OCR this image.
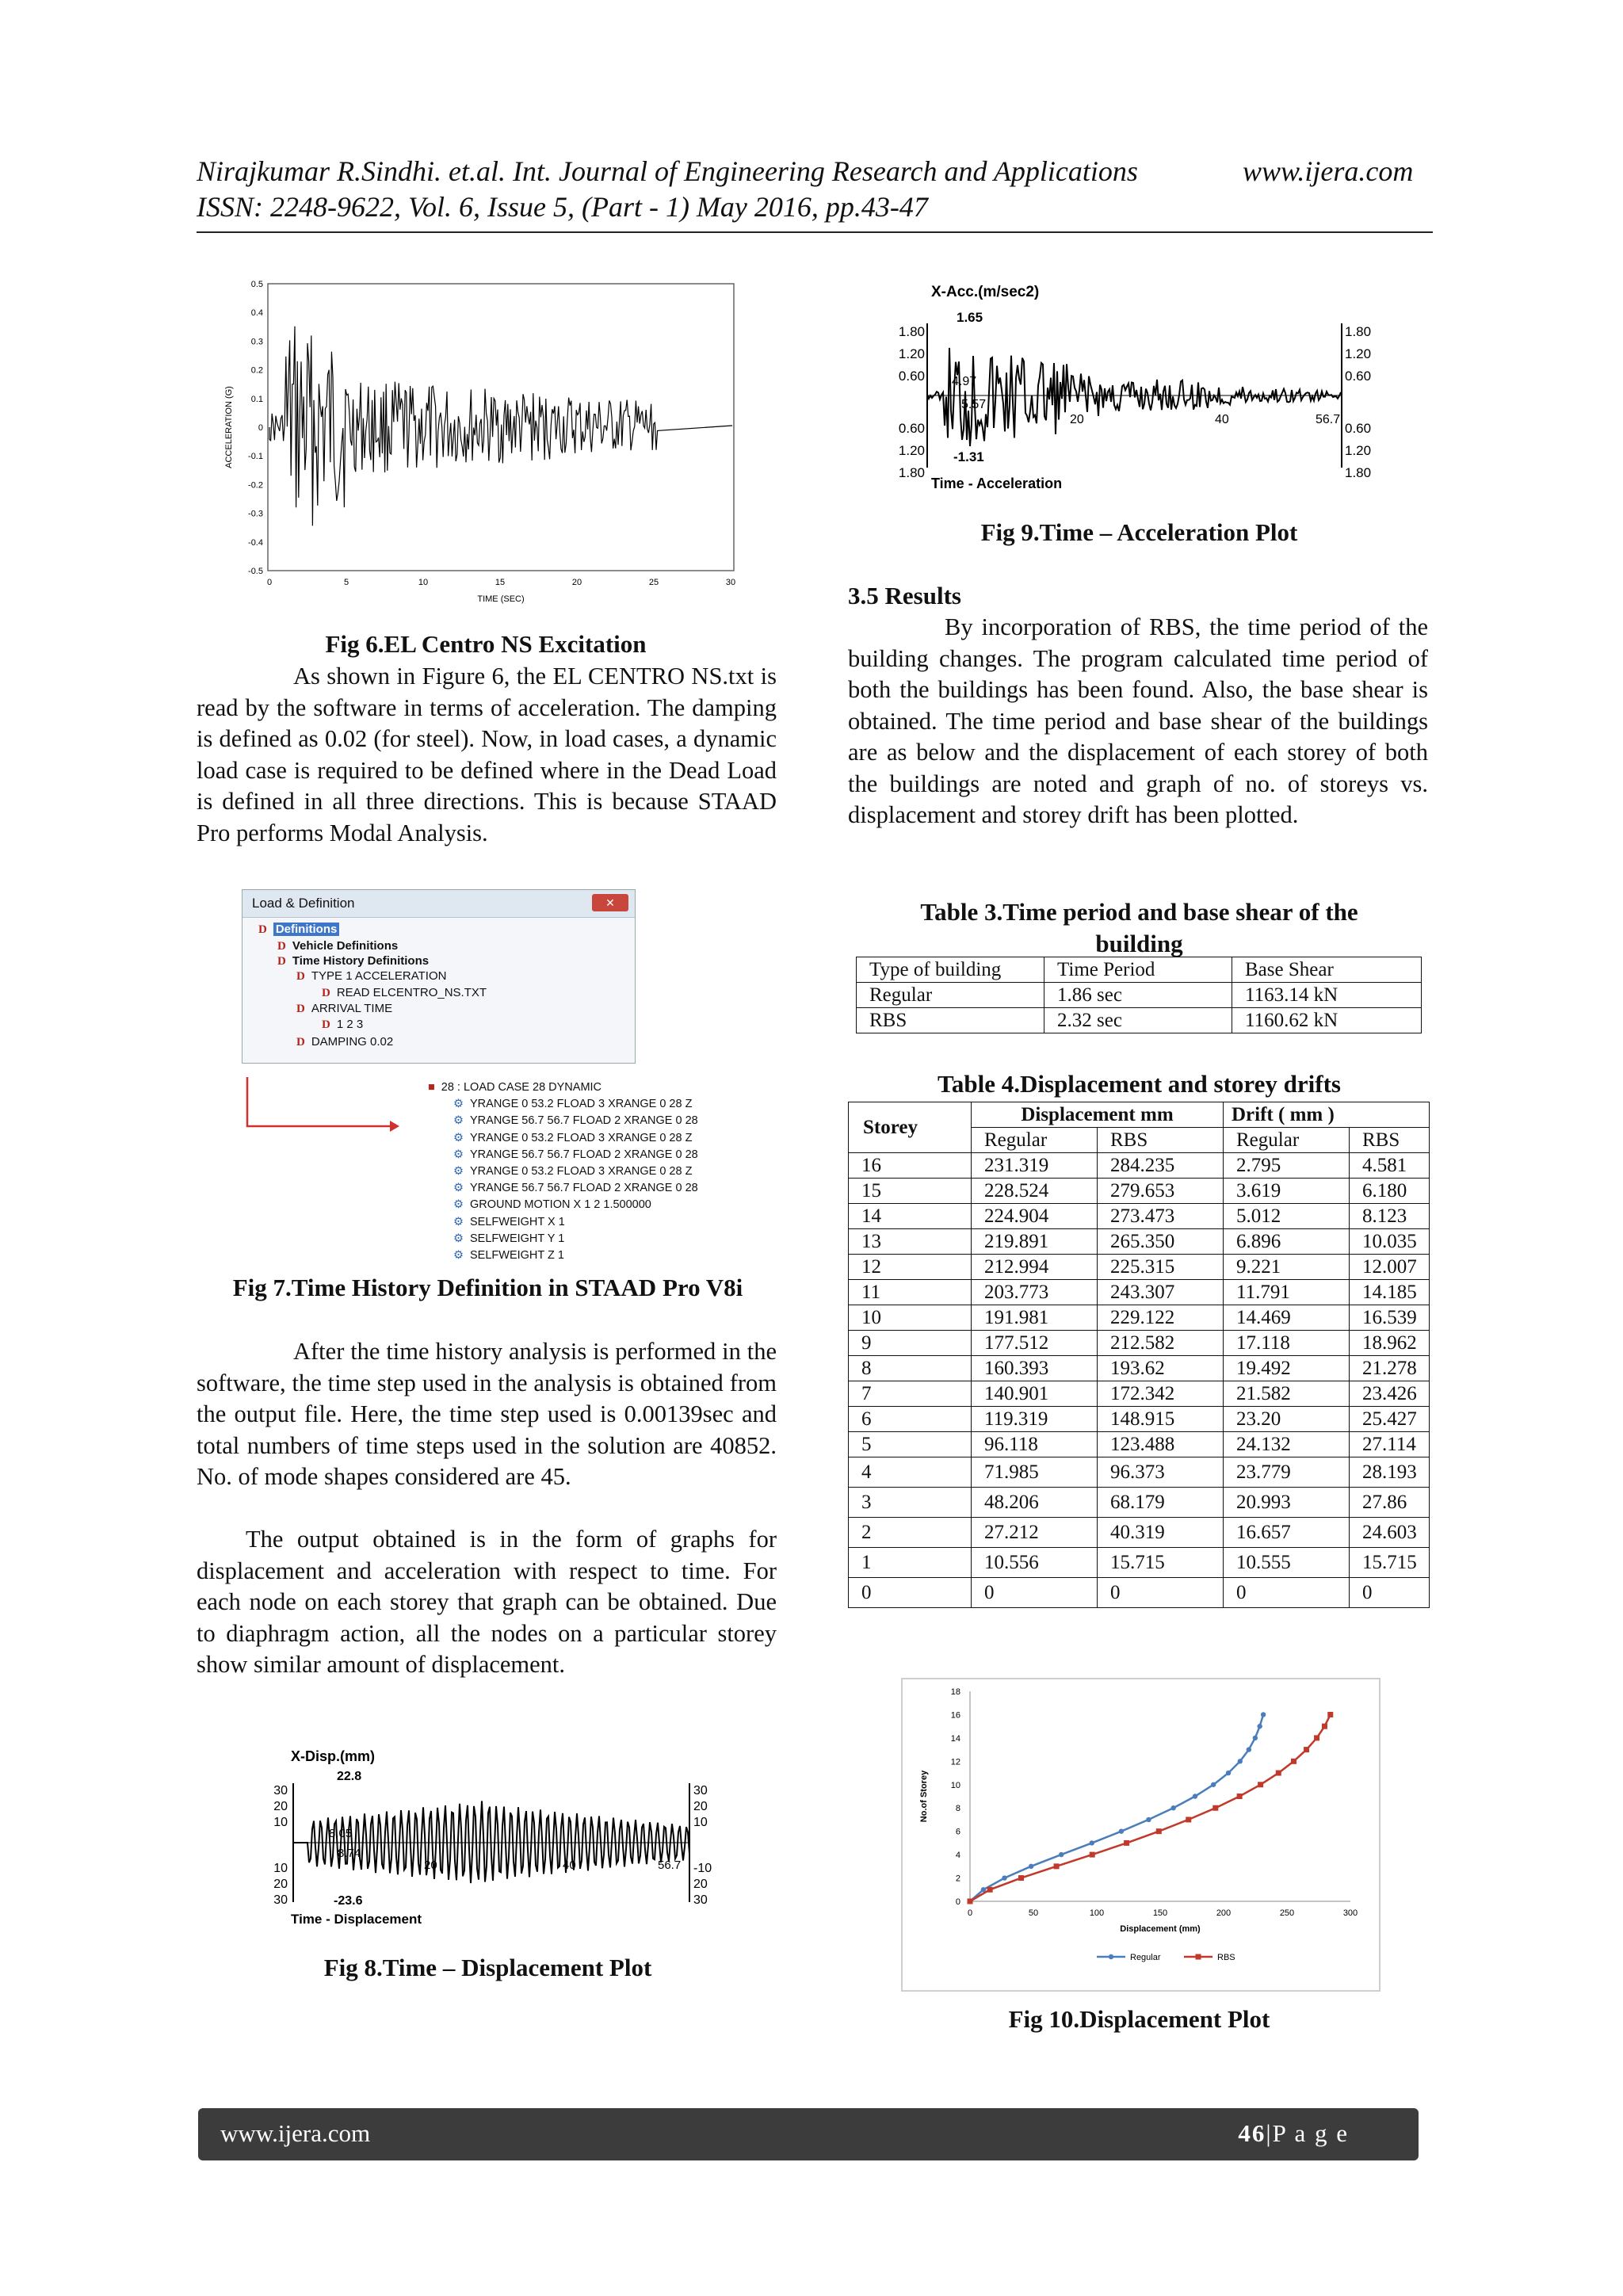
Nirajkumar R.Sindhi. et.al. Int. Journal of Engineering Research and Applications	www.ijera.com
ISSN: 2248-9622, Vol. 6, Issue 5, (Part - 1) May 2016, pp.43-47
0.5
0.4
0.3
0.2
0.1
0
-0.1
-0.2
-0.3
-0.4
-0.5
0	5	10	15	20	25	30
ACCELERATION (G)
TIME (SEC)
Fig 6.EL Centro NS Excitation
As shown in Figure 6, the EL CENTRO NS.txt is read by the software in terms of acceleration. The damping is defined as 0.02 (for steel). Now, in load cases, a dynamic load case is required to be defined where in the Dead Load is defined in all three directions. This is because STAAD Pro performs Modal Analysis.
Load & Definition	✕
D Definitions
D Vehicle Definitions
D Time History Definitions
D TYPE 1 ACCELERATION
D READ ELCENTRO_NS.TXT
D ARRIVAL TIME
D 1 2 3
D DAMPING 0.02
■ 28 : LOAD CASE 28 DYNAMIC
⚙ YRANGE 0 53.2 FLOAD 3 XRANGE 0 28 Z
⚙ YRANGE 56.7 56.7 FLOAD 2 XRANGE 0 28
⚙ YRANGE 0 53.2 FLOAD 3 XRANGE 0 28 Z
⚙ YRANGE 56.7 56.7 FLOAD 2 XRANGE 0 28
⚙ YRANGE 0 53.2 FLOAD 3 XRANGE 0 28 Z
⚙ YRANGE 56.7 56.7 FLOAD 2 XRANGE 0 28
⚙ GROUND MOTION X 1 2 1.500000
⚙ SELFWEIGHT X 1
⚙ SELFWEIGHT Y 1
⚙ SELFWEIGHT Z 1
Fig 7.Time History Definition in STAAD Pro V8i
After the time history analysis is performed in the software, the time step used in the analysis is obtained from the output file. Here, the time step used is 0.00139sec and total numbers of time steps used in the solution are 40852. No. of mode shapes considered are 45.
The output obtained is in the form of graphs for displacement and acceleration with respect to time. For each node on each storey that graph can be obtained. Due to diaphragm action, all the nodes on a particular storey show similar amount of displacement.
X-Disp.(mm)
30
20
10
10
20
30
30
20
10
-10
20
30
22.8
-23.6
8.05
8.74
20	40	56.7
Time - Displacement
Fig 8.Time – Displacement Plot
X-Acc.(m/sec2)
1.80
1.20
0.60
0.60
1.20
1.80
1.80
1.20
0.60
0.60
1.20
1.80
1.65
-1.31
4.97
5.57
20	40	56.7
Time - Acceleration
Fig 9.Time – Acceleration Plot
3.5 Results
By incorporation of RBS, the time period of the building changes. The program calculated time period of both the buildings has been found. Also, the base shear is obtained. The time period and base shear of the buildings are as below and the displacement of each storey of both the buildings are noted and graph of no. of storeys vs. displacement and storey drift has been plotted.
Table 3.Time period and base shear of the
building
Type of building	Time Period	Base Shear
Regular	1.86 sec	1163.14 kN
RBS	2.32 sec	1160.62 kN
Table 4.Displacement and storey drifts
Storey	Displacement mm		Drift ( mm )	
	Regular	RBS	Regular	RBS
16	231.319	284.235	2.795	4.581
15	228.524	279.653	3.619	6.180
14	224.904	273.473	5.012	8.123
13	219.891	265.350	6.896	10.035
12	212.994	225.315	9.221	12.007
11	203.773	243.307	11.791	14.185
10	191.981	229.122	14.469	16.539
9	177.512	212.582	17.118	18.962
8	160.393	193.62	19.492	21.278
7	140.901	172.342	21.582	23.426
6	119.319	148.915	23.20	25.427
5	96.118	123.488	24.132	27.114
4	71.985	96.373	23.779	28.193
3	48.206	68.179	20.993	27.86
2	27.212	40.319	16.657	24.603
1	10.556	15.715	10.555	15.715
0	0	0	0	0
0
2
4
6
8
10
12
14
16
18
0	50	100	150	200	250	300
Displacement (mm)
No.of Storey
Regular	RBS
Fig 10.Displacement Plot
www.ijera.com	46|P a g e
